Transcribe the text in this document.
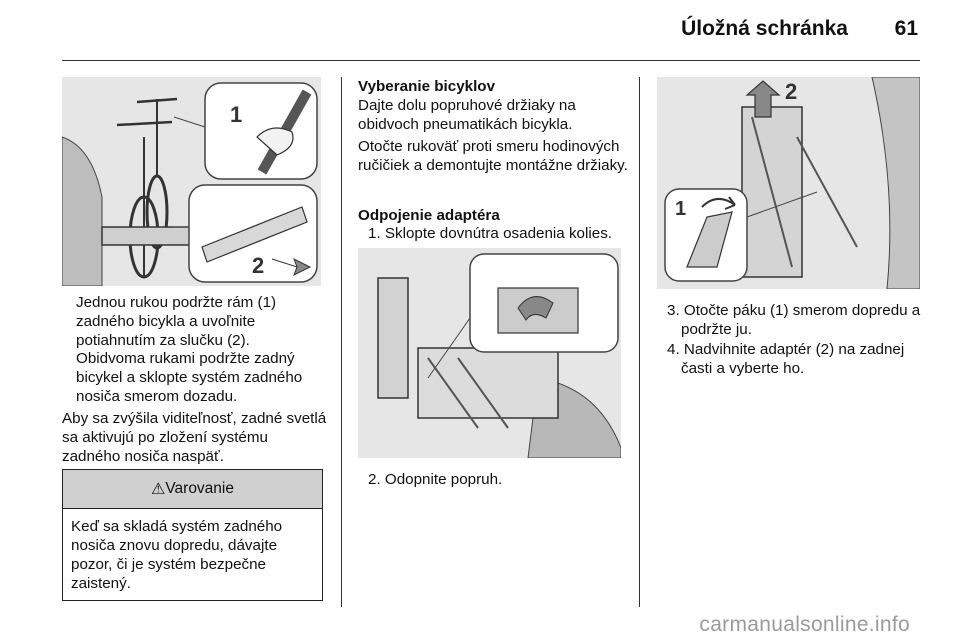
Úložná schránka 61
1
2
Jednou rukou podržte rám (1) zadného bicykla a uvoľnite potiahnutím za slučku (2).
Obidvoma rukami podržte zadný bicykel a sklopte systém zadného nosiča smerom dozadu.
Aby sa zvýšila viditeľnosť, zadné svetlá sa aktivujú po zložení systému zadného nosiča naspäť.
⚠ Varovanie
Keď sa skladá systém zadného nosiča znovu dopredu, dávajte pozor, či je systém bezpečne zaistený.
Vyberanie bicyklov
Dajte dolu popruhové držiaky na obidvoch pneumatikách bicykla.
Otočte rukoväť proti smeru hodinových ručičiek a demontujte montážne držiaky.
Odpojenie adaptéra
1. Sklopte dovnútra osadenia kolies.
2. Odopnite popruh.
2
1
3. Otočte páku (1) smerom dopredu a podržte ju.
4. Nadvihnite adaptér (2) na zadnej časti a vyberte ho.
carmanualsonline.info
